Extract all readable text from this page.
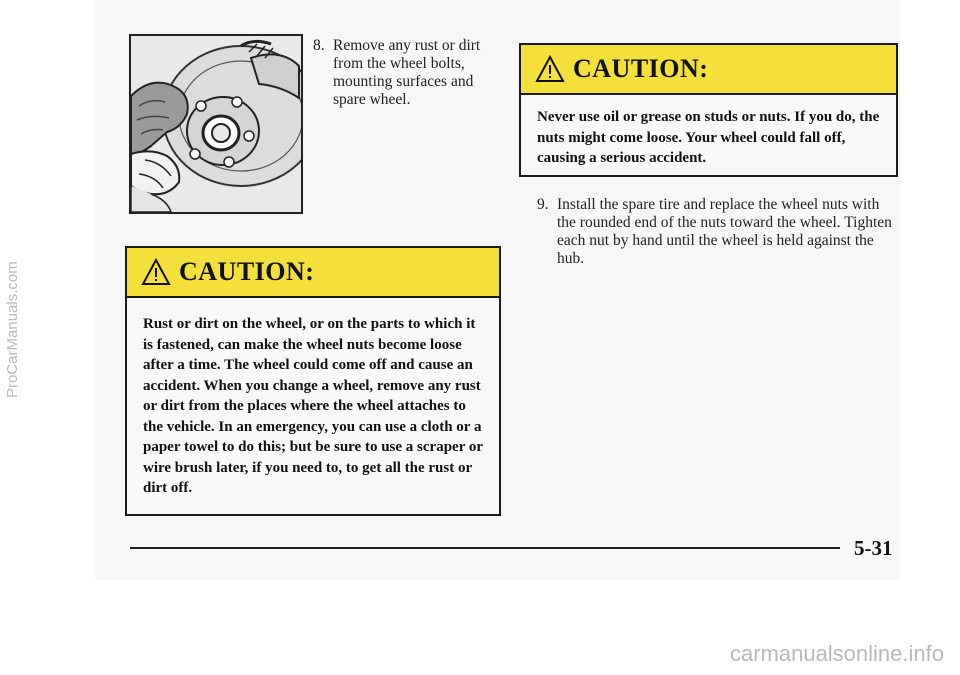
ProCarManuals.com
carmanualsonline.info
8. Remove any rust or dirt from the wheel bolts, mounting surfaces and spare wheel.
CAUTION:
Rust or dirt on the wheel, or on the parts to which it is fastened, can make the wheel nuts become loose after a time. The wheel could come off and cause an accident. When you change a wheel, remove any rust or dirt from the places where the wheel attaches to the vehicle. In an emergency, you can use a cloth or a paper towel to do this; but be sure to use a scraper or wire brush later, if you need to, to get all the rust or dirt off.
CAUTION:
Never use oil or grease on studs or nuts. If you do, the nuts might come loose. Your wheel could fall off, causing a serious accident.
9. Install the spare tire and replace the wheel nuts with the rounded end of the nuts toward the wheel. Tighten each nut by hand until the wheel is held against the hub.
5-31
